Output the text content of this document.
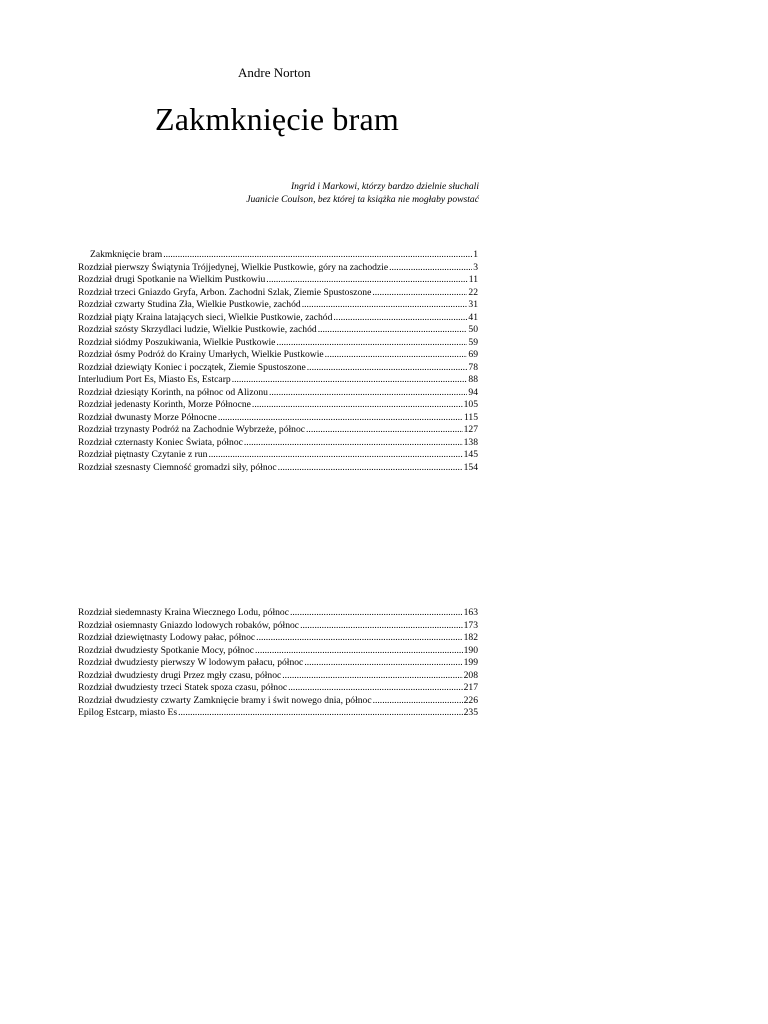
Andre Norton
Zakmknięcie bram
Ingrid i Markowi, którzy bardzo dzielnie słuchali
Juanicie Coulson, bez której ta książka nie mogłaby powstać
Zakmknięcie bram .....	1
Rozdział pierwszy Świątynia Trójjedynej, Wielkie Pustkowie, góry na zachodzie .....	3
Rozdział drugi Spotkanie na Wielkim Pustkowiu .....	11
Rozdział trzeci Gniazdo Gryfa, Arbon. Zachodni Szlak, Ziemie Spustoszone .....	22
Rozdział czwarty Studina Zła, Wielkie Pustkowie, zachód .....	31
Rozdział piąty Kraina latających sieci, Wielkie Pustkowie, zachód .....	41
Rozdział szósty Skrzydlaci ludzie, Wielkie Pustkowie, zachód .....	50
Rozdział siódmy Poszukiwania, Wielkie Pustkowie .....	59
Rozdział ósmy Podróż do Krainy Umarłych, Wielkie Pustkowie .....	69
Rozdział dziewiąty Koniec i początek, Ziemie Spustoszone .....	78
Interludium Port Es, Miasto Es, Estcarp .....	88
Rozdział dziesiąty Korinth, na północ od Alizonu .....	94
Rozdział jedenasty Korinth, Morze Północne .....	105
Rozdział dwunasty Morze Północne .....	115
Rozdział trzynasty Podróż na Zachodnie Wybrzeże, północ .....	127
Rozdział czternasty Koniec Świata, północ .....	138
Rozdział piętnasty Czytanie z run .....	145
Rozdział szesnasty Ciemność gromadzi siły, północ .....	154
Rozdział siedemnasty Kraina Wiecznego Lodu, północ .....	163
Rozdział osiemnasty Gniazdo lodowych robaków, północ .....	173
Rozdział dziewiętnasty Lodowy pałac, północ .....	182
Rozdział dwudziesty Spotkanie Mocy, północ .....	190
Rozdział dwudziesty pierwszy W lodowym pałacu, północ .....	199
Rozdział dwudziesty drugi Przez mgły czasu, północ .....	208
Rozdział dwudziesty trzeci Statek spoza czasu, północ .....	217
Rozdział dwudziesty czwarty Zamknięcie bramy i świt nowego dnia, północ .....	226
Epilog Estcarp, miasto Es .....	235
